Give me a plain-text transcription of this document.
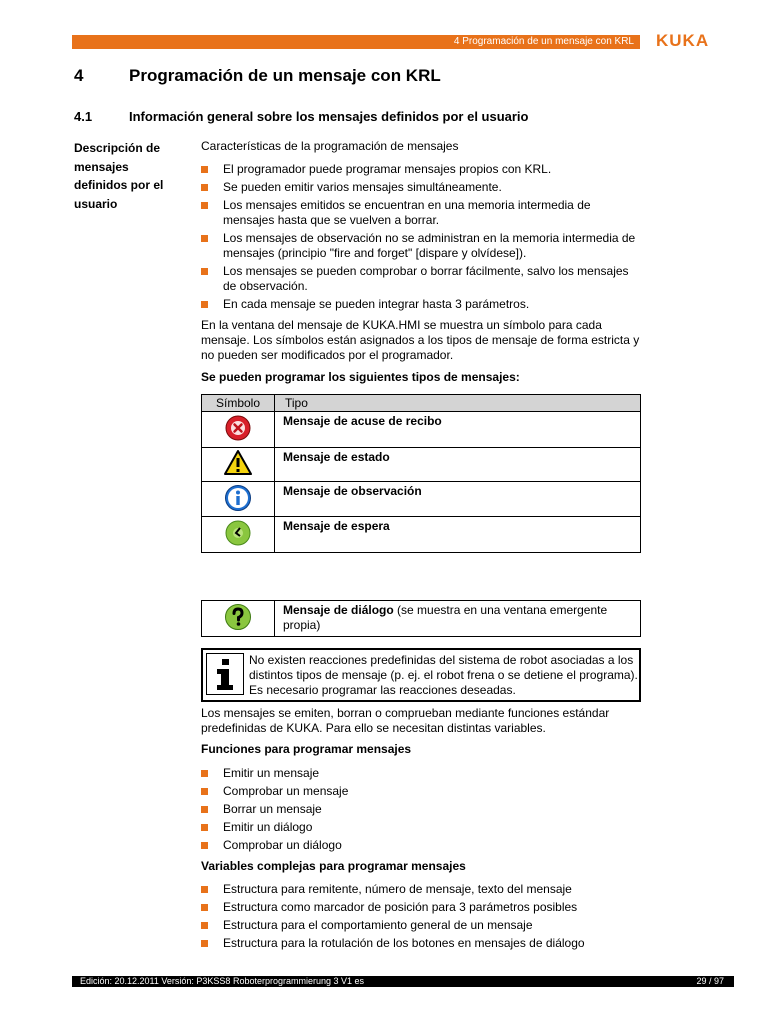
4 Programación de un mensaje con KRL	KUKA
4	Programación de un mensaje con KRL
4.1	Información general sobre los mensajes definidos por el usuario
Descripción de mensajes definidos por el usuario
Características de la programación de mensajes
El programador puede programar mensajes propios con KRL.
Se pueden emitir varios mensajes simultáneamente.
Los mensajes emitidos se encuentran en una memoria intermedia de mensajes hasta que se vuelven a borrar.
Los mensajes de observación no se administran en la memoria intermedia de mensajes (principio "fire and forget" [dispare y olvídese]).
Los mensajes se pueden comprobar o borrar fácilmente, salvo los mensajes de observación.
En cada mensaje se pueden integrar hasta 3 parámetros.
En la ventana del mensaje de KUKA.HMI se muestra un símbolo para cada mensaje. Los símbolos están asignados a los tipos de mensaje de forma estricta y no pueden ser modificados por el programador.
Se pueden programar los siguientes tipos de mensajes:
Símbolo	Tipo
	Mensaje de acuse de recibo
	Mensaje de estado
	Mensaje de observación
	Mensaje de espera
	Mensaje de diálogo (se muestra en una ventana emergente propia)
No existen reacciones predefinidas del sistema de robot asociadas a los distintos tipos de mensaje (p. ej. el robot frena o se detiene el programa). Es necesario programar las reacciones deseadas.
Los mensajes se emiten, borran o comprueban mediante funciones estándar predefinidas de KUKA. Para ello se necesitan distintas variables.
Funciones para programar mensajes
Emitir un mensaje
Comprobar un mensaje
Borrar un mensaje
Emitir un diálogo
Comprobar un diálogo
Variables complejas para programar mensajes
Estructura para remitente, número de mensaje, texto del mensaje
Estructura como marcador de posición para 3 parámetros posibles
Estructura para el comportamiento general de un mensaje
Estructura para la rotulación de los botones en mensajes de diálogo
Edición: 20.12.2011 Versión: P3KSS8 Roboterprogrammierung 3 V1 es	29 / 97
